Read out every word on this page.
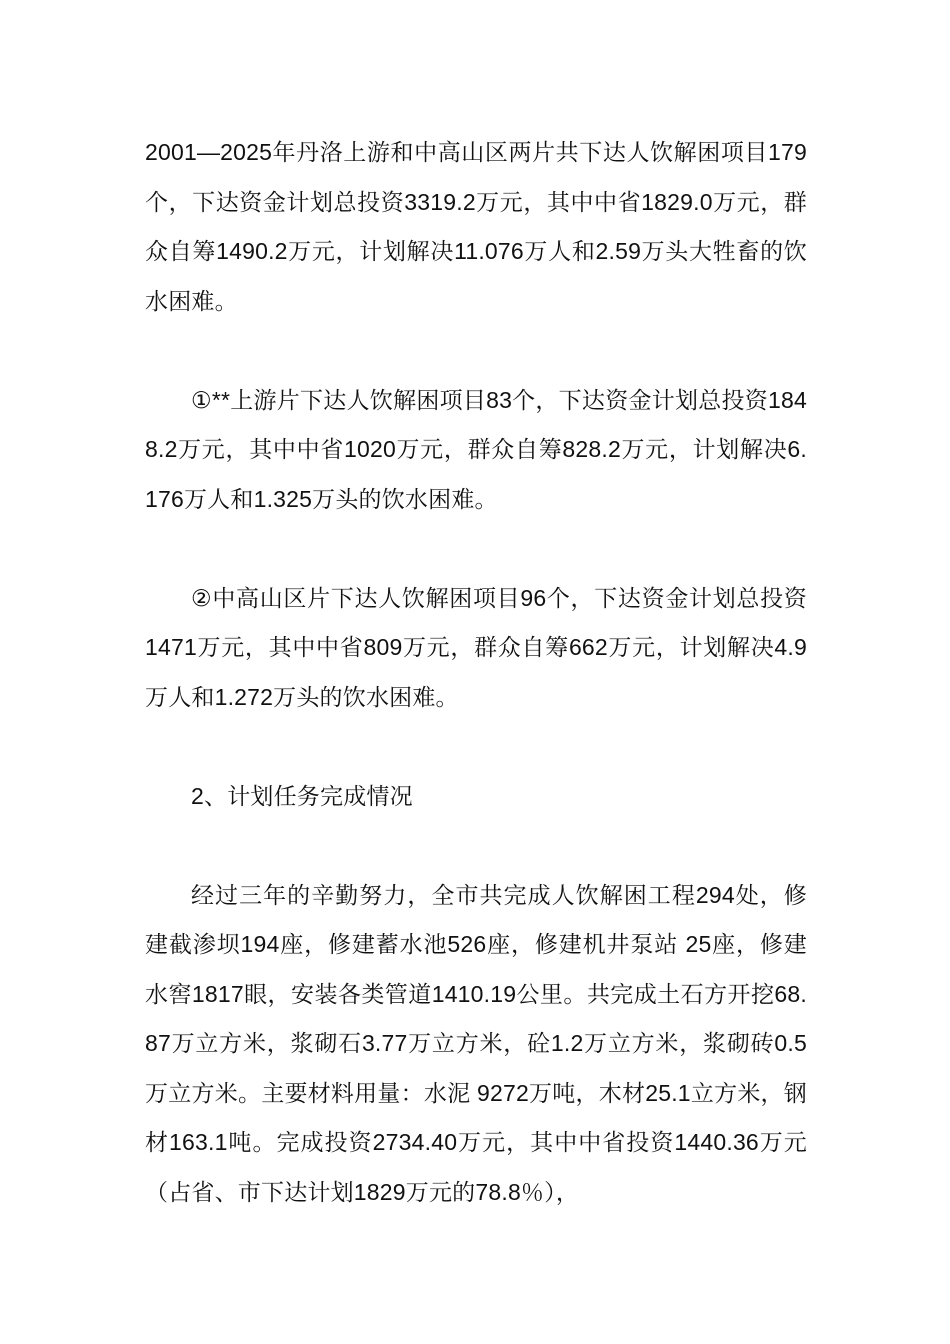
2001—2025年丹洛上游和中高山区两片共下达人饮解困项目179个，下达资金计划总投资3319.2万元，其中中省1829.0万元，群众自筹1490.2万元，计划解决11.076万人和2.59万头大牲畜的饮水困难。

①**上游片下达人饮解困项目83个，下达资金计划总投资1848.2万元，其中中省1020万元，群众自筹828.2万元，计划解决6.176万人和1.325万头的饮水困难。

②中高山区片下达人饮解困项目96个，下达资金计划总投资1471万元，其中中省809万元，群众自筹662万元，计划解决4.9万人和1.272万头的饮水困难。

2、计划任务完成情况

经过三年的辛勤努力，全市共完成人饮解困工程294处，修建截渗坝194座，修建蓄水池526座，修建机井泵站 25座，修建水窖1817眼，安装各类管道1410.19公里。共完成土石方开挖68.87万立方米，浆砌石3.77万立方米，砼1.2万立方米，浆砌砖0.5万立方米。主要材料用量：水泥 9272万吨，木材25.1立方米，钢材163.1吨。完成投资2734.40万元，其中中省投资1440.36万元（占省、市下达计划1829万元的78.8％），
